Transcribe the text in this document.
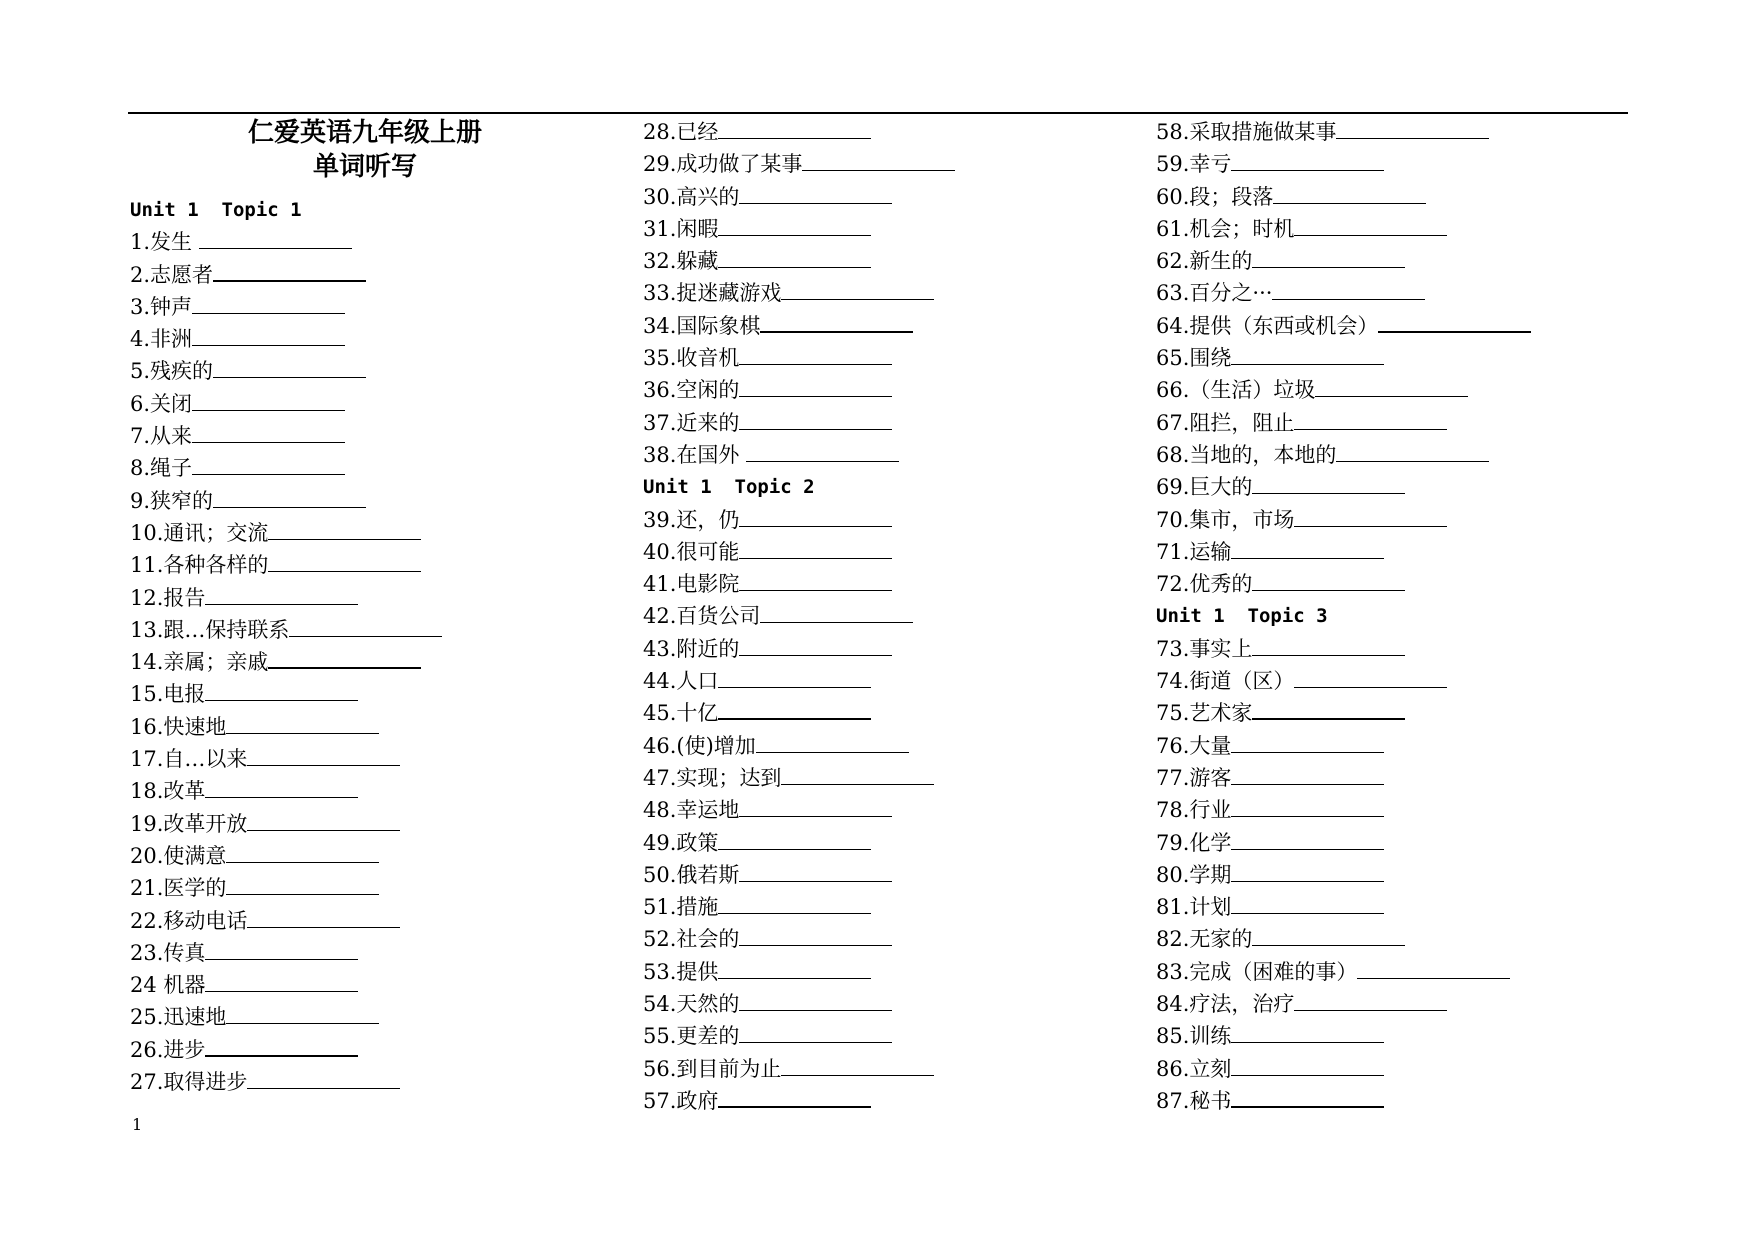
仁爱英语九年级上册
单词听写
Unit 1  Topic 1
1.发生
2.志愿者
3.钟声
4.非洲
5.残疾的
6.关闭
7.从来
8.绳子
9.狭窄的
10.通讯；交流
11.各种各样的
12.报告
13.跟…保持联系
14.亲属；亲戚
15.电报
16.快速地
17.自…以来
18.改革
19.改革开放
20.使满意
21.医学的
22.移动电话
23.传真
24 机器
25.迅速地
26.进步
27.取得进步
28.已经
29.成功做了某事
30.高兴的
31.闲暇
32.躲藏
33.捉迷藏游戏
34.国际象棋
35.收音机
36.空闲的
37.近来的
38.在国外
Unit 1  Topic 2
39.还，仍
40.很可能
41.电影院
42.百货公司
43.附近的
44.人口
45.十亿
46.(使)增加
47.实现；达到
48.幸运地
49.政策
50.俄若斯
51.措施
52.社会的
53.提供
54.天然的
55.更差的
56.到目前为止
57.政府
58.采取措施做某事
59.幸亏
60.段；段落
61.机会；时机
62.新生的
63.百分之···
64.提供（东西或机会）
65.围绕
66.（生活）垃圾
67.阻拦，阻止
68.当地的，本地的
69.巨大的
70.集市，市场
71.运输
72.优秀的
Unit 1  Topic 3
73.事实上
74.街道（区）
75.艺术家
76.大量
77.游客
78.行业
79.化学
80.学期
81.计划
82.无家的
83.完成（困难的事）
84.疗法，治疗
85.训练
86.立刻
87.秘书
1
